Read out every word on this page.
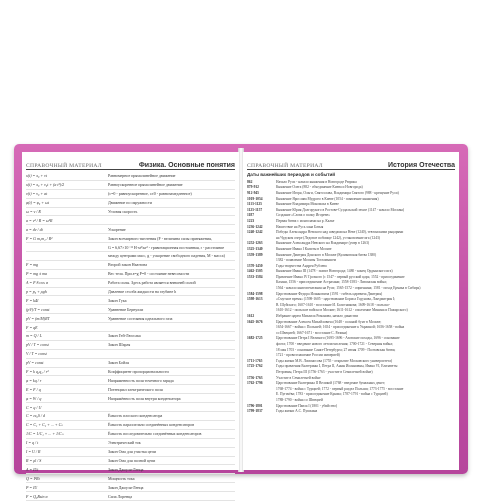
СПРАВОЧНЫЙ МАТЕРИАЛ	Физика. Основные понятия
x(t) = x₀ + vt	Равномерное прямолинейное движение
x(t) = x₀ + v₀t + (a t²)/2	Равноускоренное прямолинейное движение
v(t) = v₀ + at	(с=0 - равноускоренное, с≠0 - равнозамедленное)
φ(t) = φ₀ + ωt	Движение по окружности
ω = v / R	Угловая скорость
a = v² / R = ω²R
a = dv / dt	Ускорение
F = G m₁m₂ / R²	Закон всемирного тяготения (F - величина силы притяжения,
G = 6,67×10⁻¹¹ Н·м²/кг² - гравитационная постоянная, r - расстояние
между центрами масс, g - ускорение свободного падения, М - масса)
F = mg	Второй закон Ньютона
P = mg ± ma	Вес тела. При a=g P=0 - состояние невесомости
A = F·S·cos α	Работа силы. Здесь работа является внешней силой
p = p₀ + ρgh	Давление столба жидкости на глубине h
F = kΔl	Закон Гука
(pV)/T = const	Уравнение Бернулли
pV = (m/M)RT	Уравнение состояния идеального газа
F = qE
m = Q / L	Закон Гей-Люссака
pV / T = const	Закон Шарля
V / T = const
pV = const	Закон Бойля
F = k q₁q₂ / r²	Коэффициент пропорциональности
φ = kq / r	Напряженность поля точечного заряда
E = F / q	Потенциал электрического поля
φ = W / q	Напряжённость поля внутри конденсатора
C = q / U
C = εε₀S / d	Ёмкость плоского конденсатора
C = C₁ + C₂ + ... + Cₙ	Ёмкость параллельно соединённых конденсаторов
1/C = 1/C₁ + ... + 1/Cₙ	Ёмкость последовательно соединённых конденсаторов
I = q / t	Электрический ток
I = U / R	Закон Ома для участка цепи
R = ρl / S	Закон Ома для полной цепи
A = IUt	Закон Джоуля-Ленца
Q = I²Rt	Мощность тока
P = IU	Закон Джоуля-Ленца
F = Q₀Bsin α	Сила Лоренца
СПРАВОЧНЫЙ МАТЕРИАЛ	История Отечества
Даты важнейших периодов и событий
862	Начало Руси - начало княжения в Новгороде Рюрика
879-912	Княжение Олега (882 - объединение Киева и Новгорода)
912-945	Княжение Игоря, Ольги, Святослава, Владимира Святого (988 - крещение Руси)
1019-1054	Княжение Ярослава Мудрого в Киеве (1054 - появление княжения)
1113-1125	Княжение Владимира Мономаха в Киеве
1125-1157	Княжение Юрия Долгорукого в Ростове-Суздальской земле (1147 - начало Москвы)
1187	Создание «Слова о полку Игореве»
1223	Первая битва с монголами на р. Калке
1236-1242	Нашествие на Русь хана Батыя
1240-1242	Победы Александра Невского над шведами на Неве (1240), тевтонскими рыцарями
на Чудском озере (Ледовое побоище 1242), установление ига (1243)
1252-1263	Княжение Александра Невского на Владимире (умер в 1263)
1325-1340	Княжение Ивана I Калиты в Москве
1359-1389	Княжение Дмитрия Донского в Москве (Куликовская битва 1380)
1382 - появление Москвы Тохтамышем
1370-1450	Годы творчества Андрея Рублева
1462-1505	Княжение Ивана III (1478 - захват Новгорода; 1480 - конец Ордынского ига)
1533-1584	Правление Ивана IV Грозного (с 1547 - первый русский царь; 1552 - присоединение
Казани, 1556 - присоединение Астрахани; 1558-1583 - Ливонская война;
1564 - начало книгопечатания на Руси; 1565-1572 - опричнина; 1581 - поход Ермака в Сибирь)
1584-1598	Царствование Федора Иоанновича (1591 - гибель царевича Дмитрия)
1598-1613	«Смутное время» (1598-1605 - царствование Бориса Годунова, Лжедмитрия I;
В. Шуйского; 1607-1610 - восстание И. Болотникова; 1609-1618 - польско-
1610-1612 - польское войско в Москве; 1611-1612 - ополчение Минина и Пожарского)
1612	Избрание царем Михаила Романова, начало династии
1645-1676	Царствование Алексея Михайловича (1648 - соляной бунт в Москве;
1654-1667 - война с Польшей; 1654 - присоединение к Украиной; 1656-1658 - война
со Швецией; 1667-1671 - восстание С. Разина)
1682-1725	Царствование Петра I Великого (1695-1696 - Азовские походы, 1696 - основание
флота; 1700 - введение нового летоисчисления; 1700-1721 - Северная война;
18 мая 1703 - основание Санкт-Петербурга; 27 июня 1709 - Полтавская битва;
1721 - провозглашение России империей)
1711-1765	Годы жизни М.В. Ломоносова (1755 - открытие Московского университета)
1725-1762	Годы правления Екатерины I, Петра II, Анны Иоанновны, Ивана VI, Елизаветы
Петровны, Петра III (1756-1763 - участие в Семилетней войне)
1756-1763	Участие в Семилетней войне
1762-1796	Царствование Екатерины II Великой (1768 - введение бумажных денег;
1768-1774 - война с Турцией; 1772 - первый раздел Польши; 1773-1775 - восстание
Е. Пугачёва; 1783 - присоединение Крыма; 1787-1791 - война с Турцией)
1788-1790 - война со Швецией
1796-1801	Царствование Павла I (1801 - убийство)
1799-1837	Годы жизни А.С. Пушкина
